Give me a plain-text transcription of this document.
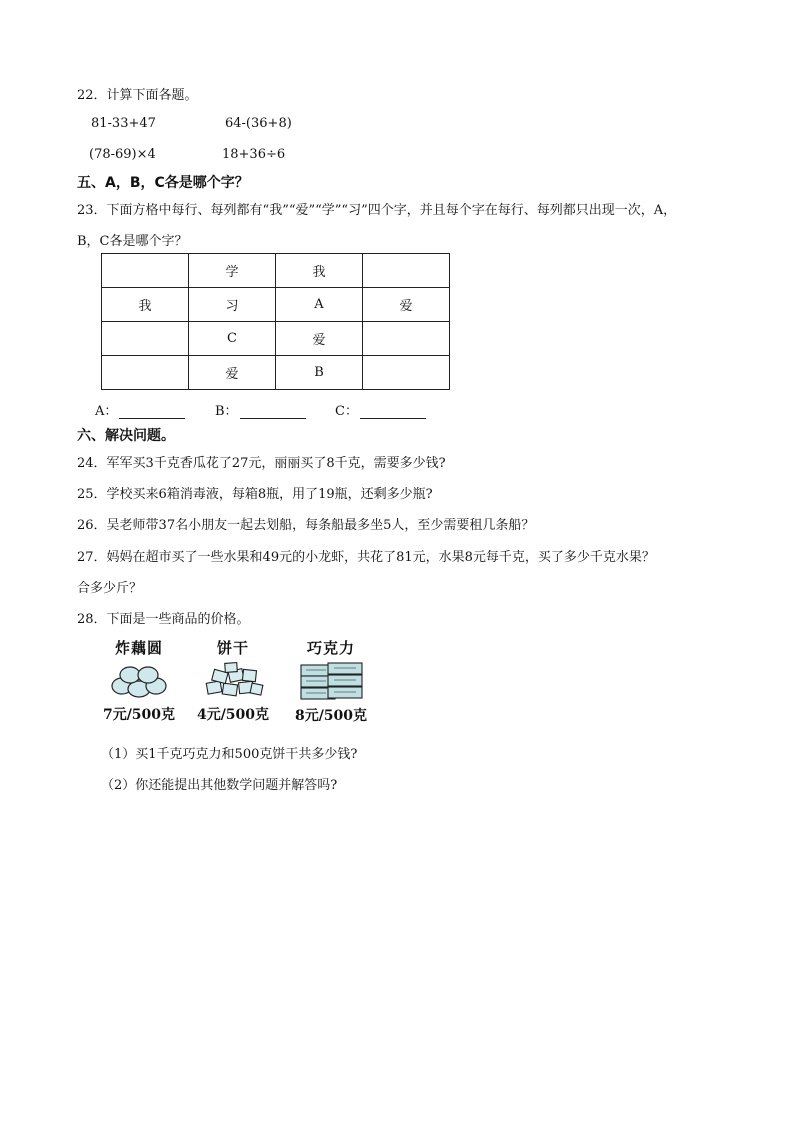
22．计算下面各题。
81-33+47	64-(36+8)
(78-69)×4	18+36÷6
五、A，B，C各是哪个字？
23．下面方格中每行、每列都有“我”“爱”“学”“习”四个字，并且每个字在每行、每列都只出现一次，A，
B，C各是哪个字？
	学	我	
我	习	A	爱
	C	爱	
	爱	B	
A：	B：	C：
六、解决问题。
24．军军买3千克香瓜花了27元，丽丽买了8千克，需要多少钱?
25．学校买来6箱消毒液，每箱8瓶，用了19瓶，还剩多少瓶?
26．吴老师带37名小朋友一起去划船，每条船最多坐5人，至少需要租几条船？
27．妈妈在超市买了一些水果和49元的小龙虾，共花了81元，水果8元每千克，买了多少千克水果？
合多少斤？
28．下面是一些商品的价格。
炸藕圆
7元/500克
饼干
4元/500克
巧克力
8元/500克
（1）买1千克巧克力和500克饼干共多少钱?
（2）你还能提出其他数学问题并解答吗?
